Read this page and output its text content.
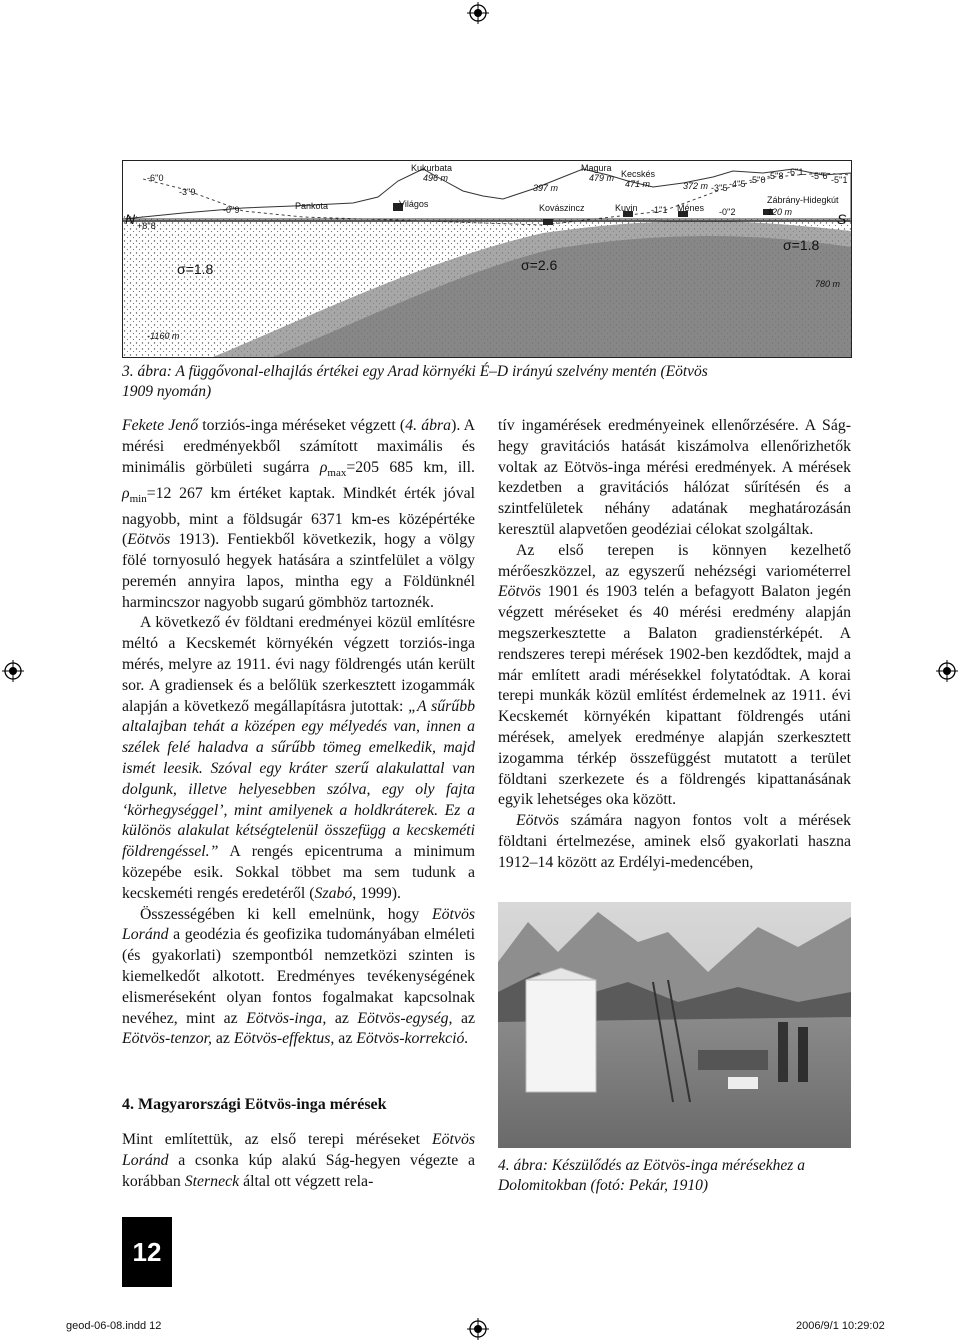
N	S
σ=1.8	σ=2.6
σ=1.8
-1160 m
780 m
Kukurbata
496 m
Magura
479 m Kecskés
471 m
Pankota	Világos	Kovászincz	Kuvin	Ménes
Zábrány-Hidegkút
120 m
397 m	372 m
-6''0
-3''9
-0''9
-3''5 -4''5 -5''0 -5''8 -6''1 -5''6 -5''1
-0''2
-1''1
+8''8
3. ábra: A függővonal-elhajlás értékei egy Arad környéki É–D irányú szelvény mentén (Eötvös 1909 nyomán)

Fekete Jenő torziós-inga méréseket végzett (4. ábra). A mérési eredményekből számított maximális és minimális görbületi sugárra $\rho_{max}=205$ 685 km, ill. $\rho_{min}=12$ 267 km értéket kaptak. Mindkét érték jóval nagyobb, mint a földsugár 6371 km-es középértéke (Eötvös 1913). Fentiekből következik, hogy a völgy fölé tornyosuló hegyek hatására a szintfelület a völgy peremén annyira lapos, mintha egy a Földünknél harmincszor nagyobb sugarú gömbhöz tartoznék.

A következő év földtani eredményei közül említésre méltó a Kecskemét környékén végzett torziós-inga mérés, melyre az 1911. évi nagy földrengés után került sor. A gradiensek és a belőlük szerkesztett izogammák alapján a következő megállapításra jutottak: „A sűrűbb altalajban tehát a középen egy mélyedés van, innen a szélek felé haladva a sűrűbb tömeg emelkedik, majd ismét leesik. Szóval egy kráter szerű alakulattal van dolgunk, illetve helyesebben szólva, egy oly fajta ‘körhegységgel’, mint amilyenek a holdkráterek. Ez a különös alakulat kétségtelenül összefügg a kecskeméti földrengéssel.” A rengés epicentruma a minimum közepébe esik. Sokkal többet ma sem tudunk a kecskeméti rengés eredetéről (Szabó, 1999).

Összességében ki kell emelnünk, hogy Eötvös Loránd a geodézia és geofizika tudományában elméleti (és gyakorlati) szempontból nemzetközi szinten is kiemelkedőt alkotott. Eredményes tevékenységének elismeréseként olyan fontos fogalmakat kapcsolnak nevéhez, mint az Eötvös-inga, az Eötvös-egység, az Eötvös-tenzor, az Eötvös-effektus, az Eötvös-korrekció.

4. Magyarországi Eötvös-inga mérések

Mint említettük, az első terepi méréseket Eötvös Loránd a csonka kúp alakú Ság-hegyen végezte a korábban Sterneck által ott végzett rela-

tív ingamérések eredményeinek ellenőrzésére. A Ság-hegy gravitációs hatását kiszámolva ellenőrizhetők voltak az Eötvös-inga mérési eredmények. A mérések kezdetben a gravitációs hálózat sűrítésén és a szintfelületek néhány adatának meghatározásán keresztül alapvetően geodéziai célokat szolgáltak.

Az első terepen is könnyen kezelhető mérőeszközzel, az egyszerű nehézségi variométerrel Eötvös 1901 és 1903 telén a befagyott Balaton jegén végzett méréseket és 40 mérési eredmény alapján megszerkesztette a Balaton gradienstérképét. A rendszeres terepi mérések 1902-ben kezdődtek, majd a már említett aradi mérésekkel folytatódtak. A korai terepi munkák közül említést érdemelnek az 1911. évi Kecskemét környékén kipattant földrengés utáni mérések, amelyek eredménye alapján szerkesztett izogamma térkép összefüggést mutatott a terület földtani szerkezete és a földrengés kipattanásának egyik lehetséges oka között.

Eötvös számára nagyon fontos volt a mérések földtani értelmezése, aminek első gyakorlati haszna 1912–14 között az Erdélyi-medencében,

4. ábra: Készülődés az Eötvös-inga mérésekhez a Dolomitokban (fotó: Pekár, 1910)
12
geod-06-08.indd 12	2006/9/1 10:29:02
